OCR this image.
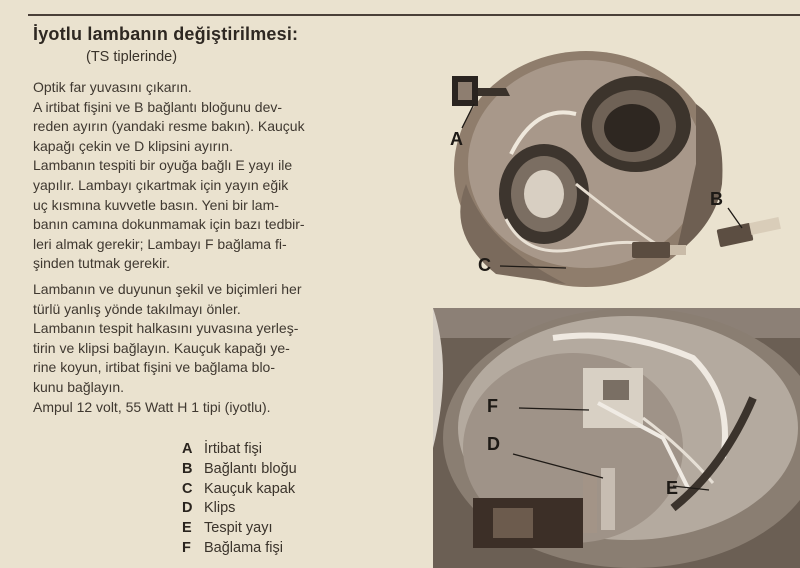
İyotlu lambanın değiştirilmesi:
(TS tiplerinde)
Optik far yuvasını çıkarın.
A irtibat fişini ve B bağlantı bloğunu dev-
reden ayırın (yandaki resme bakın). Kauçuk
kapağı çekin ve D klipsini ayırın.
Lambanın tespiti bir oyuğa bağlı E yayı ile
yapılır. Lambayı çıkartmak için yayın eğik
uç kısmına kuvvetle basın. Yeni bir lam-
banın camına dokunmamak için bazı tedbir-
leri almak gerekir; Lambayı F bağlama fi-
şinden tutmak gerekir.
Lambanın ve duyunun şekil ve biçimleri her
türlü yanlış yönde takılmayı önler.
Lambanın tespit halkasını yuvasına yerleş-
tirin ve klipsi bağlayın. Kauçuk kapağı ye-
rine koyun, irtibat fişini ve bağlama blo-
kunu bağlayın.
Ampul 12 volt, 55 Watt H 1 tipi (iyotlu).
A İrtibat fişi
B Bağlantı bloğu
C Kauçuk kapak
D Klips
E Tespit yayı
F Bağlama fişi
A
B
C
F
D
E
